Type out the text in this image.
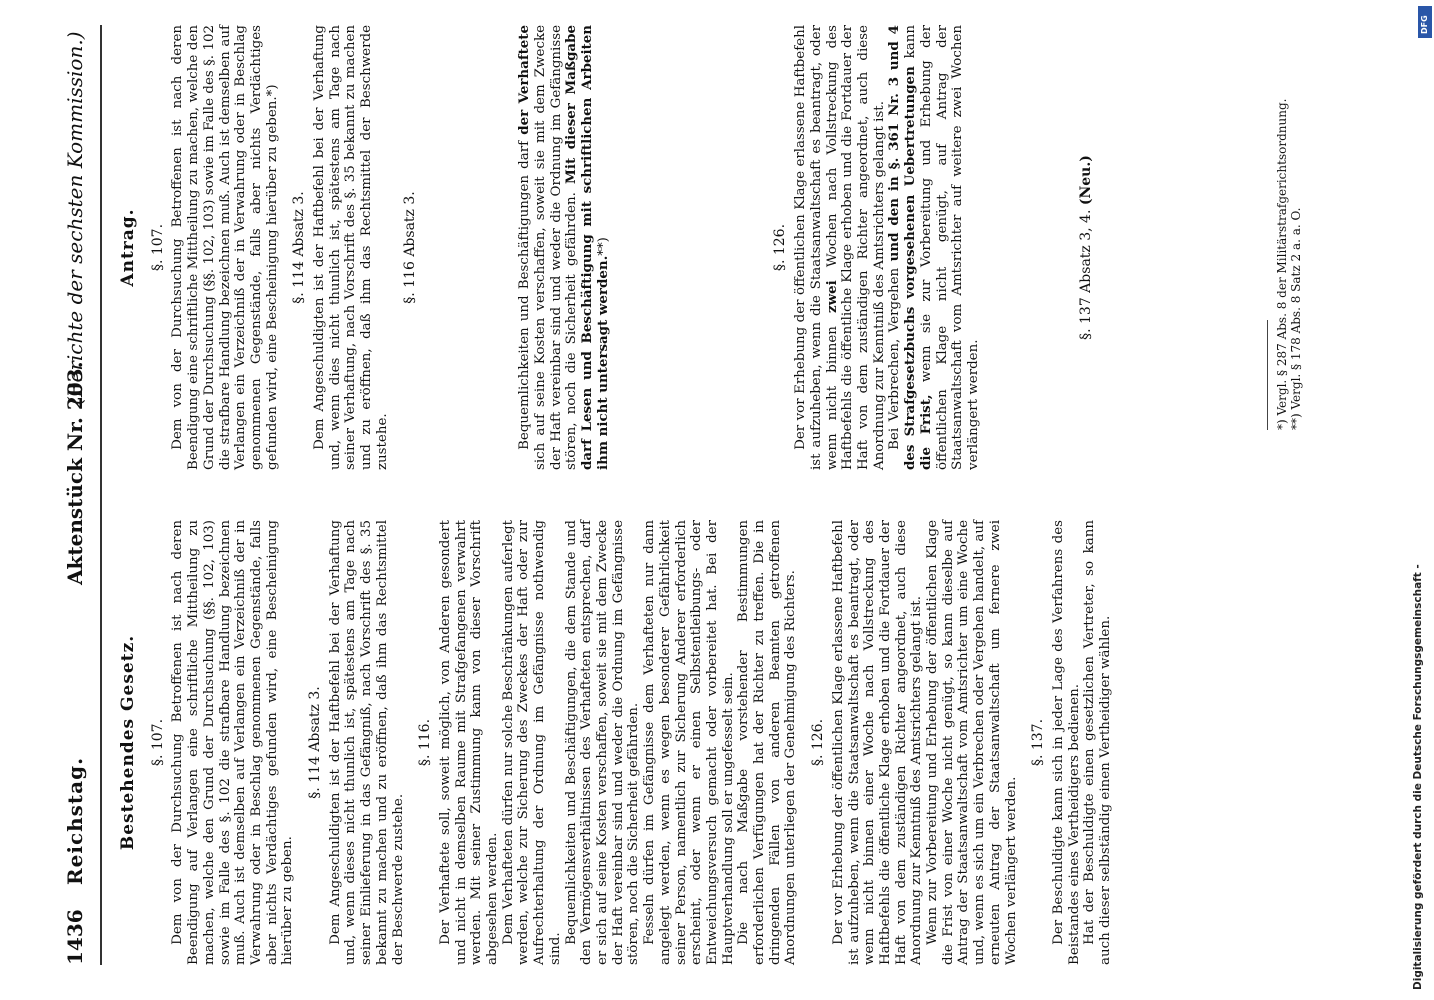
1436
Reichstag.
Aktenstück Nr. 203.
(Berichte der sechsten Kommission.)
Bestehendes Gesetz. §. 107. Dem von der Durchsuchung Betroffenen ist nach deren Beendigung auf Verlangen eine schriftliche Mittheilung zu machen, welche den Grund der Durchsuchung (§§. 102, 103) sowie im Falle des §. 102 die strafbare Handlung bezeichnen muß. Auch ist demselben auf Verlangen ein Verzeichniß der in Verwahrung oder in Beschlag genommenen Gegenstände, falls aber nichts Verdächtiges gefunden wird, eine Bescheinigung hierüber zu geben.

§. 114 Absatz 3. Dem Angeschuldigten ist der Haftbefehl bei der Verhaftung und, wenn dieses nicht thunlich ist, spätestens am Tage nach seiner Einlieferung in das Gefängniß, nach Vorschrift des §. 35 bekannt zu machen und zu eröffnen, daß ihm das Rechtsmittel der Beschwerde zustehe.

§. 116. Der Verhaftete soll, soweit möglich, von Anderen gesondert und nicht in demselben Raume mit Strafgefangenen verwahrt werden. Mit seiner Zustimmung kann von dieser Vorschrift abgesehen werden. Dem Verhafteten dürfen nur solche Beschränkungen auferlegt werden, welche zur Sicherung des Zweckes der Haft oder zur Aufrechterhaltung der Ordnung im Gefängnisse nothwendig sind.

Bequemlichkeiten und Beschäftigungen, die dem Stande und den Vermögensverhältnissen des Verhafteten entsprechen, darf er sich auf seine Kosten verschaffen, soweit sie mit dem Zwecke der Haft vereinbar sind und weder die Ordnung im Gefängnisse stören, noch die Sicherheit gefährden. Fesseln dürfen im Gefängnisse dem Verhafteten nur dann angelegt werden, wenn es wegen besonderer Gefährlichkeit seiner Person, namentlich zur Sicherung Anderer erforderlich erscheint, oder wenn er einen Selbstentleibungs- oder Entweichungsversuch gemacht oder vorbereitet hat. Bei der Hauptverhandlung soll er ungefesselt sein. Die nach Maßgabe vorstehender Bestimmungen erforderlichen Verfügungen hat der Richter zu treffen. Die in dringenden Fällen von anderen Beamten getroffenen Anordnungen unterliegen der Genehmigung des Richters. §. 126. Der vor Erhebung der öffentlichen Klage erlassene Haftbefehl ist aufzuheben, wenn die Staatsanwaltschaft es beantragt, oder wenn nicht binnen einer Woche nach Vollstreckung des Haftbefehls die öffentliche Klage erhoben und die Fortdauer der Haft von dem zuständigen Richter angeordnet, auch diese Anordnung zur Kenntniß des Amtsrichters gelangt ist. Wenn zur Vorbereitung und Erhebung der öffentlichen Klage die Frist von einer Woche nicht genügt, so kann dieselbe auf Antrag der Staatsanwaltschaft vom Amtsrichter um eine Woche und, wenn es sich um ein Verbrechen oder Vergehen handelt, auf erneuten Antrag der Staatsanwaltschaft um fernere zwei Wochen verlängert werden.

§. 137. Der Beschuldigte kann sich in jeder Lage des Verfahrens des Beistandes eines Vertheidigers bedienen. Hat der Beschuldigte einen gesetzlichen Vertreter, so kann auch dieser selbständig einen Vertheidiger wählen.

Antrag. §. 107. Dem von der Durchsuchung Betroffenen ist nach deren Beendigung eine schriftliche Mittheilung zu machen, welche den Grund der Durchsuchung (§§. 102, 103) sowie im Falle des §. 102 die strafbare Handlung bezeichnen muß. Auch ist demselben auf Verlangen ein Verzeichniß der in Verwahrung oder in Beschlag genommenen Gegenstände, falls aber nichts Verdächtiges gefunden wird, eine Bescheinigung hierüber zu geben.*) §. 114 Absatz 3. Dem Angeschuldigten ist der Haftbefehl bei der Verhaftung und, wenn dies nicht thunlich ist, spätestens am Tage nach seiner Verhaftung, nach Vorschrift des §. 35 bekannt zu machen und zu eröffnen, daß ihm das Rechtsmittel der Beschwerde zustehe.

§. 116 Absatz 3.	Bequemlichkeiten und Beschäftigungen darf der Verhaftete sich auf seine Kosten verschaffen, soweit sie mit dem Zwecke der Haft vereinbar sind und weder die Ordnung im Gefängnisse stören, noch die Sicherheit gefährden. Mit dieser Maßgabe darf Lesen und Beschäftigung mit schriftlichen Arbeiten ihm nicht untersagt werden.**)	§. 126. Der vor Erhebung der öffentlichen Klage erlassene Haftbefehl ist aufzuheben, wenn die Staatsanwaltschaft es beantragt, oder wenn nicht binnen zwei Wochen nach Vollstreckung des Haftbefehls die öffentliche Klage erhoben und die Fortdauer der Haft von dem zuständigen Richter angeordnet, auch diese Anordnung zur Kenntniß des Amtsrichters gelangt ist. Bei Verbrechen, Vergehen und den in §. 361 Nr. 3 und 4 des Strafgesetzbuchs vorgesehenen Uebertretungen kann die Frist, wenn sie zur Vorbereitung und Erhebung der öffentlichen Klage nicht genügt, auf Antrag der Staatsanwaltschaft vom Amtsrichter auf weitere zwei Wochen verlängert werden.

§. 137 Absatz 3, 4. (Neu.)	*) Vergl. § 287 Abs. 8 der Militärstrafgerichtsordnung. **) Vergl. § 178 Abs. 8 Satz 2 a. a. O.
Digitalisierung gefördert durch die Deutsche Forschungsgemeinschaft -
DFG
